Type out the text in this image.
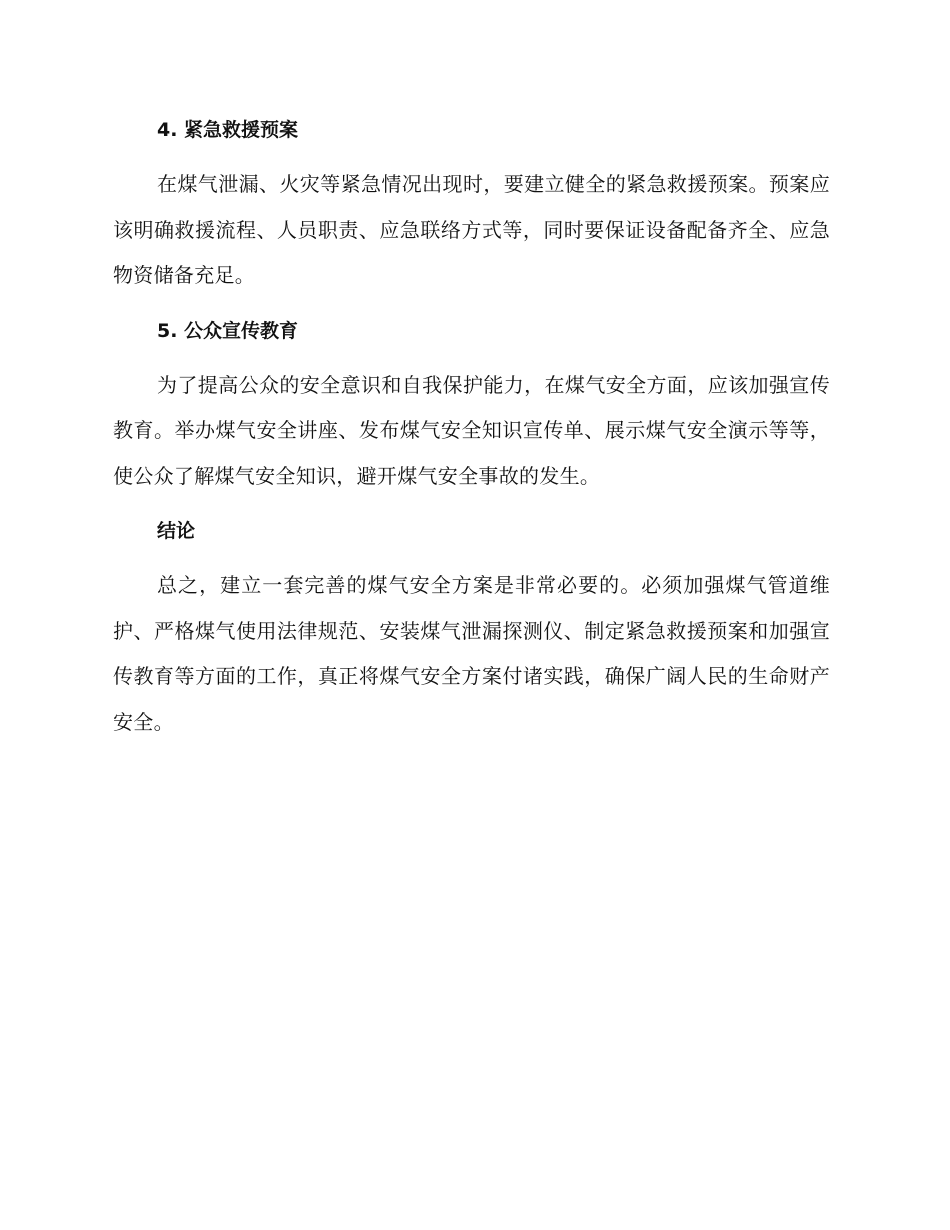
4. 紧急救援预案

在煤气泄漏、火灾等紧急情况出现时，要建立健全的紧急救援预案。预案应该明确救援流程、人员职责、应急联络方式等，同时要保证设备配备齐全、应急物资储备充足。

5. 公众宣传教育

为了提高公众的安全意识和自我保护能力，在煤气安全方面，应该加强宣传教育。举办煤气安全讲座、发布煤气安全知识宣传单、展示煤气安全演示等等，使公众了解煤气安全知识，避开煤气安全事故的发生。

结论

总之，建立一套完善的煤气安全方案是非常必要的。必须加强煤气管道维护、严格煤气使用法律规范、安装煤气泄漏探测仪、制定紧急救援预案和加强宣传教育等方面的工作，真正将煤气安全方案付诸实践，确保广阔人民的生命财产安全。
